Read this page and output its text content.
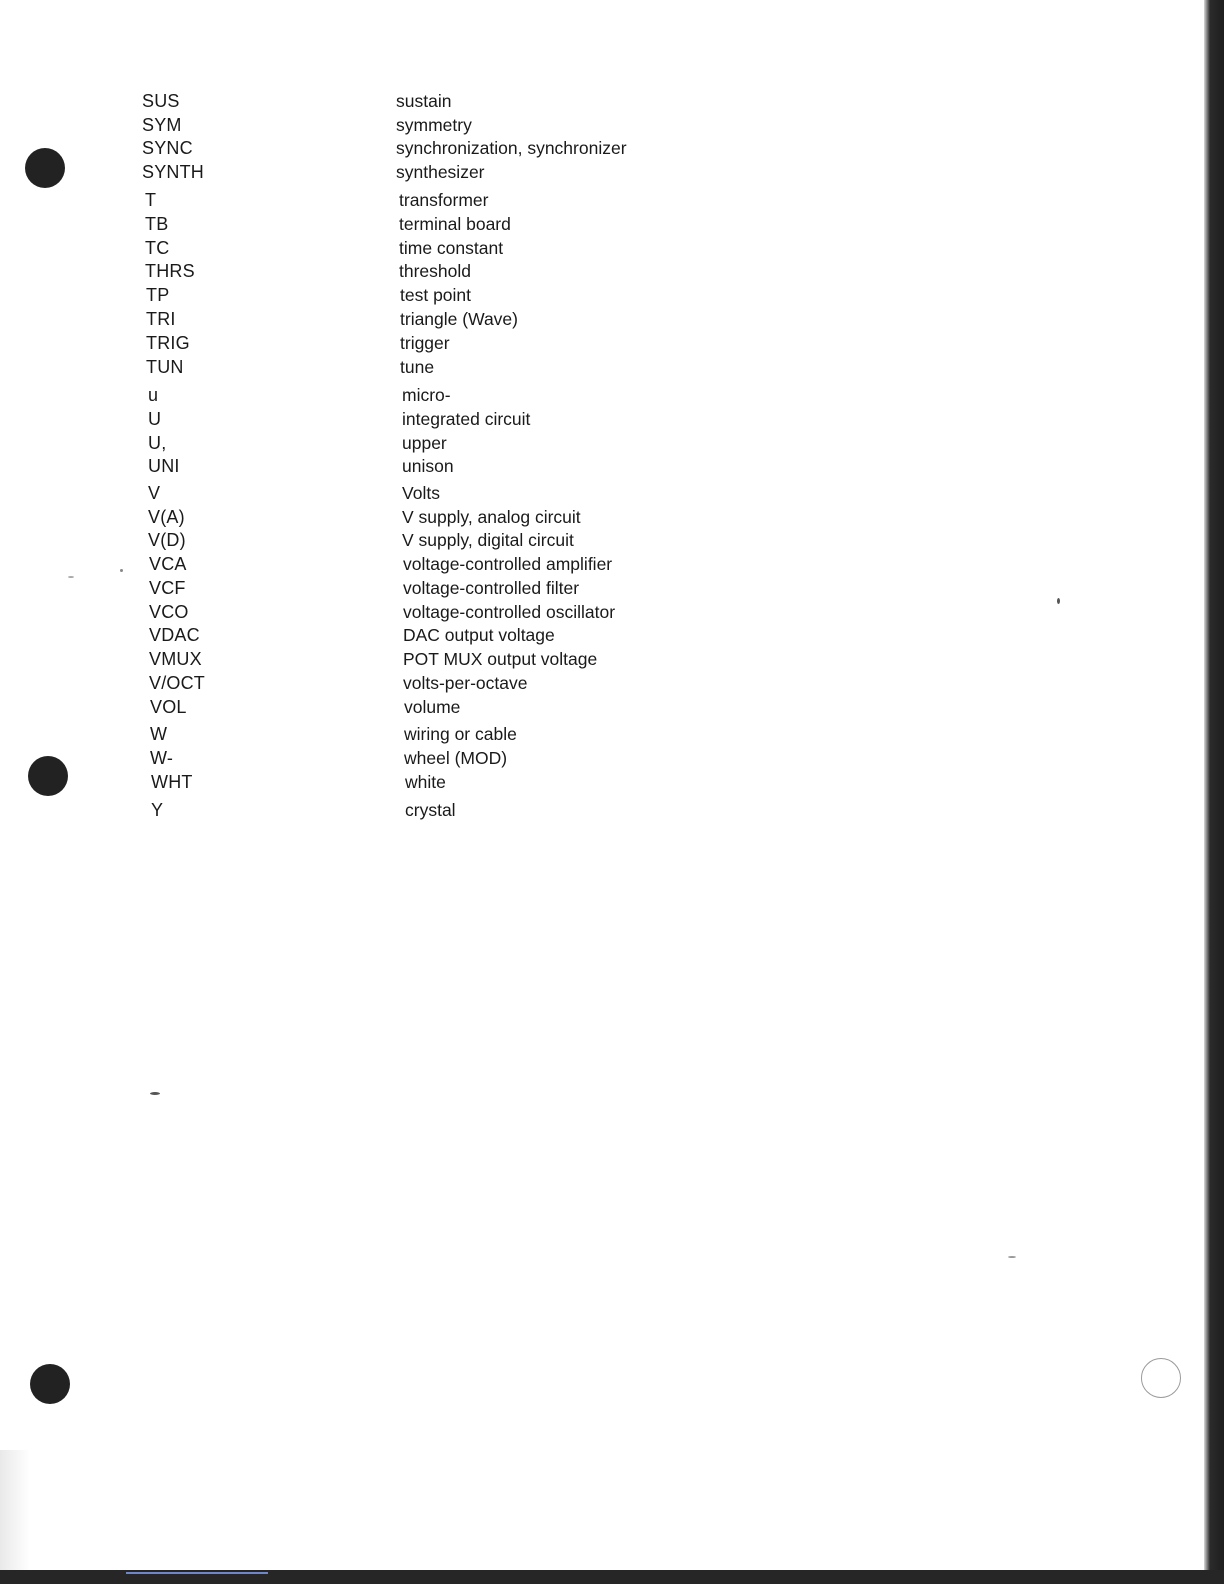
SUS	sustain
SYM	symmetry
SYNC	synchronization, synchronizer
SYNTH	synthesizer
T	transformer
TB	terminal board
TC	time constant
THRS	threshold
TP	test point
TRI	triangle (Wave)
TRIG	trigger
TUN	tune
u	micro-
U	integrated circuit
U,	upper
UNI	unison
V	Volts
V(A)	V supply, analog circuit
V(D)	V supply, digital circuit
VCA	voltage-controlled amplifier
VCF	voltage-controlled filter
VCO	voltage-controlled oscillator
VDAC	DAC output voltage
VMUX	POT MUX output voltage
V/OCT	volts-per-octave
VOL	volume
W	wiring or cable
W-	wheel (MOD)
WHT	white
Y	crystal
